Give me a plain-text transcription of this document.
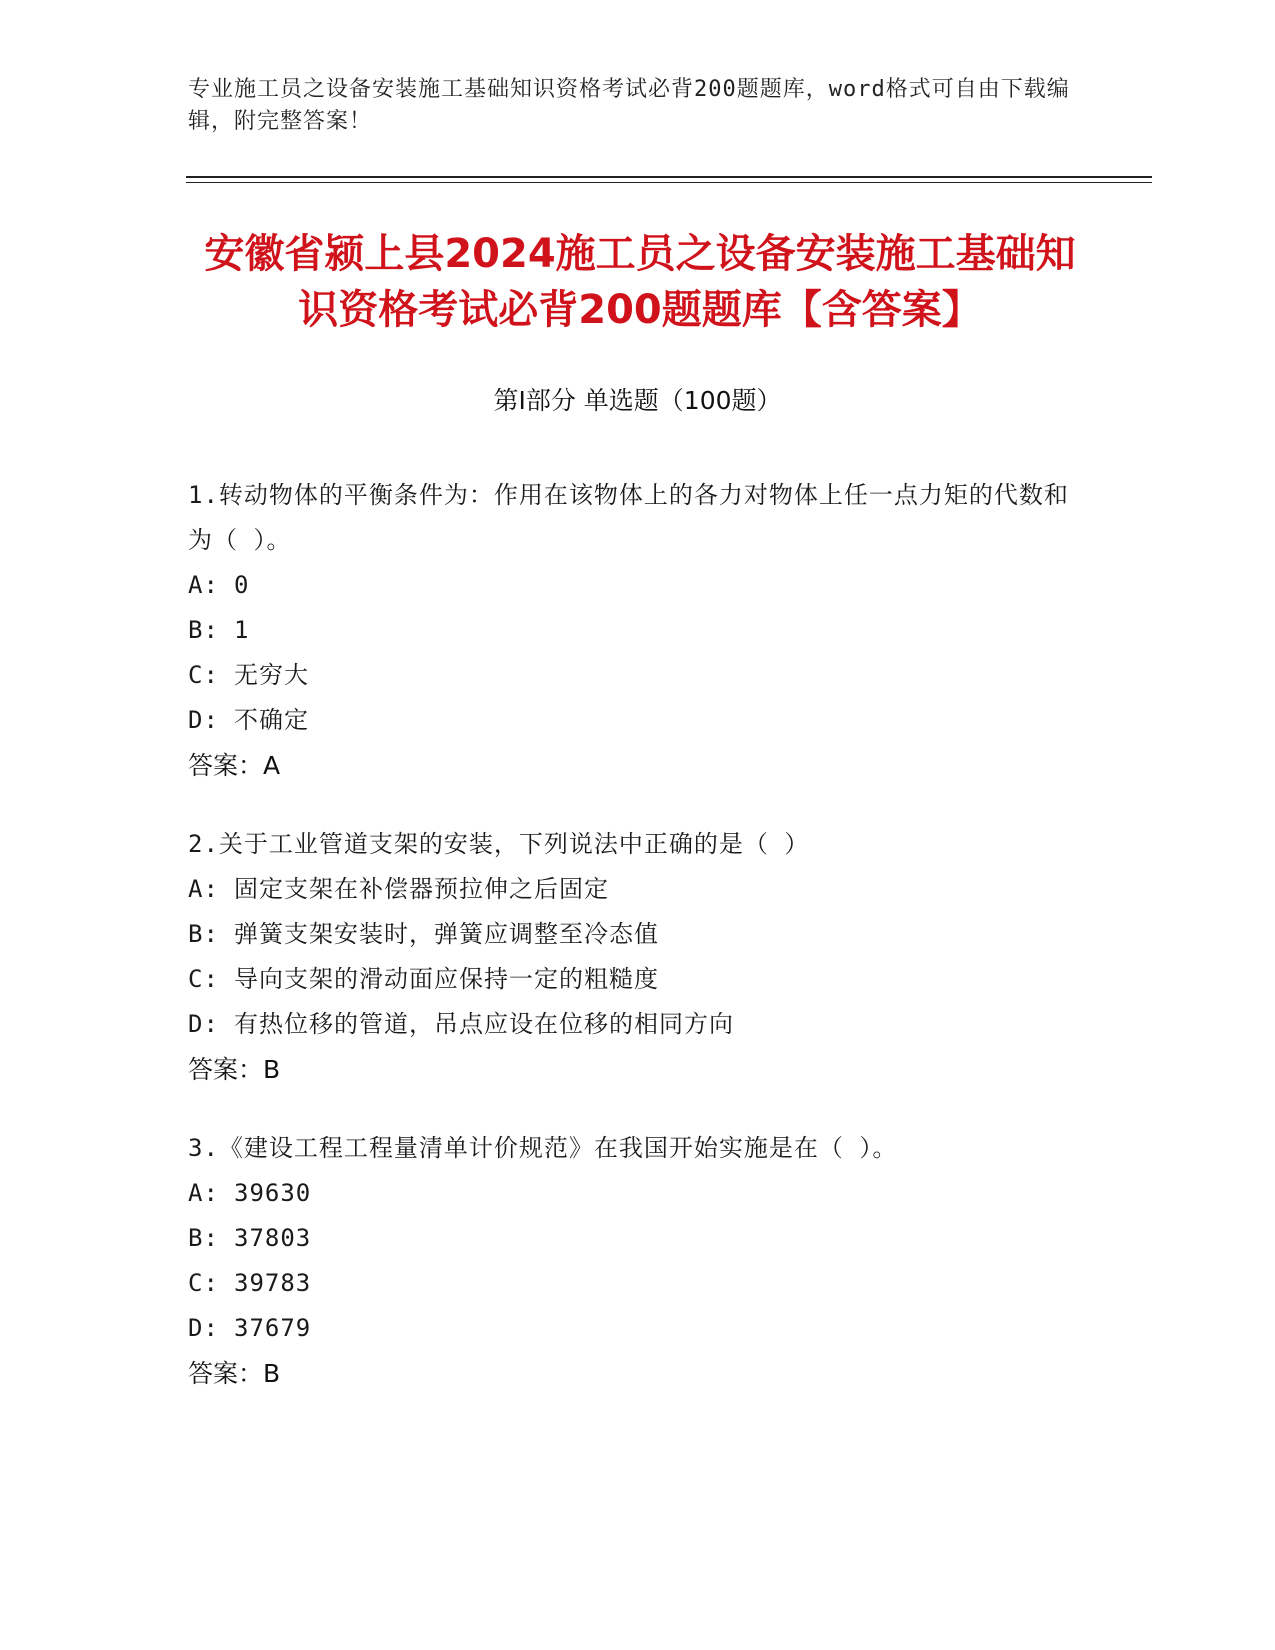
专业施工员之设备安装施工基础知识资格考试必背200题题库，word格式可自由下载编辑，附完整答案！
安徽省颍上县2024施工员之设备安装施工基础知识资格考试必背200题题库【含答案】
第Ⅰ部分 单选题（100题）
1.转动物体的平衡条件为：作用在该物体上的各力对物体上任一点力矩的代数和为（ ）。
A: 0
B: 1
C: 无穷大
D: 不确定
答案：A
2.关于工业管道支架的安装，下列说法中正确的是（ ）
A: 固定支架在补偿器预拉伸之后固定
B: 弹簧支架安装时，弹簧应调整至冷态值
C: 导向支架的滑动面应保持一定的粗糙度
D: 有热位移的管道，吊点应设在位移的相同方向
答案：B
3.《建设工程工程量清单计价规范》在我国开始实施是在（ ）。
A: 39630
B: 37803
C: 39783
D: 37679
答案：B
